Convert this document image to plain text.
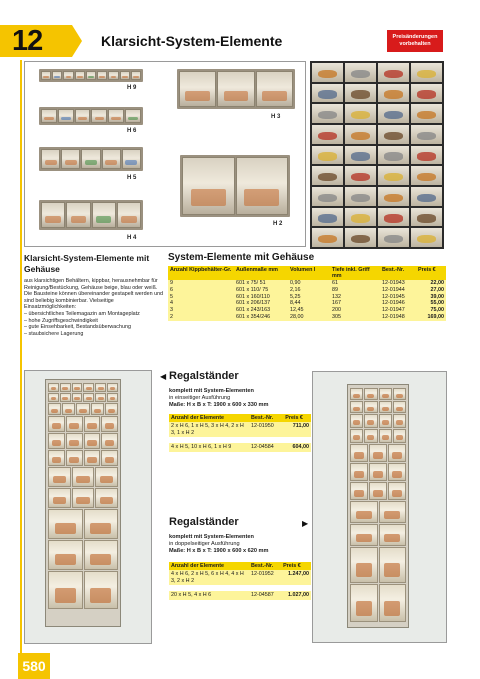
12	Klarsicht-System-Elemente	Preisänderungen vorbehalten
H 9
H 6
H 5
H 4
H 3
H 2
Klarsicht-System-Elemente mit Gehäuse

aus klarsichtigen Behältern, kippbar, herausnehmbar für Reinigung/Bestückung, Gehäuse beige, blau oder weiß. Die Bausteine können übereinander gestapelt werden und sind beliebig kombinierbar. Vielseitige Einsatzmöglichkeiten:

– übersichtliches Teilemagazin am Montageplatz
– hohe Zugriffsgeschwindigkeit
– gute Einsehbarkeit, Bestandsüberwachung
– staubsichere Lagerung
System-Elemente mit Gehäuse
Anzahl Kippbehälter-Gr.	Außenmaße mm	Volumen l	Tiefe inkl. Griff mm	Best.-Nr.	Preis €
9	601 x 75/ 51	0,90	61	12-01943	22,00
6	601 x 110/ 75	2,16	89	12-01944	27,00
5	601 x 160/110	5,25	132	12-01945	39,00
4	601 x 206/137	8,44	167	12-01946	55,00
3	601 x 243/163	12,45	200	12-01947	75,00
2	601 x 354/246	28,00	305	12-01948	169,00
◀ Regalständer
komplett mit System-Elementen
in einseitiger Ausführung
Maße: H x B x T: 1900 x 600 x 330 mm
Anzahl der Elemente	Best.-Nr.	Preis €
2 x H 6, 1 x H 5, 3 x H 4, 2 x H 3, 1 x H 2	12-01950	711,00

4 x H 5, 10 x H 6, 1 x H 9	12-04584	604,00
Regalständer	▶
komplett mit System-Elementen
in doppelseitiger Ausführung
Maße: H x B x T: 1900 x 600 x 620 mm
Anzahl der Elemente	Best.-Nr.	Preis €
4 x H 6, 2 x H 5, 6 x H 4, 4 x H 3, 2 x H 2	12-01952	1.247,00

20 x H 5, 4 x H 6	12-04587	1.027,00
580
